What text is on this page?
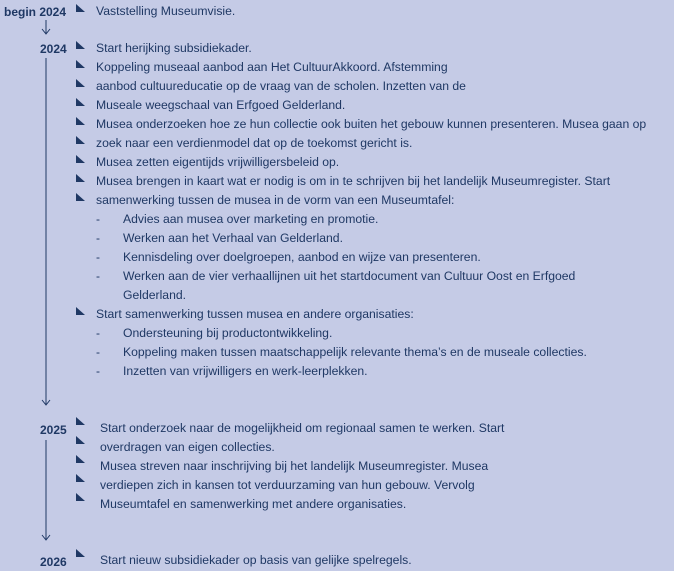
begin 2024
2024
2025
2026
Vaststelling Museumvisie.
Start herijking subsidiekader.
Koppeling museaal aanbod aan Het CultuurAkkoord. Afstemming
aanbod cultuureducatie op de vraag van de scholen. Inzetten van de
Museale weegschaal van Erfgoed Gelderland.
Musea onderzoeken hoe ze hun collectie ook buiten het gebouw kunnen presenteren. Musea gaan op
zoek naar een verdienmodel dat op de toekomst gericht is.
Musea zetten eigentijds vrijwilligersbeleid op.
Musea brengen in kaart wat er nodig is om in te schrijven bij het landelijk Museumregister. Start
samenwerking tussen de musea in de vorm van een Museumtafel:
- Advies aan musea over marketing en promotie.
- Werken aan het Verhaal van Gelderland.
- Kennisdeling over doelgroepen, aanbod en wijze van presenteren.
- Werken aan de vier verhaallijnen uit het startdocument van Cultuur Oost en Erfgoed
Gelderland.
Start samenwerking tussen musea en andere organisaties:
- Ondersteuning bij productontwikkeling.
- Koppeling maken tussen maatschappelijk relevante thema’s en de museale collecties.
- Inzetten van vrijwilligers en werk-leerplekken.
Start onderzoek naar de mogelijkheid om regionaal samen te werken. Start
overdragen van eigen collecties.
Musea streven naar inschrijving bij het landelijk Museumregister. Musea
verdiepen zich in kansen tot verduurzaming van hun gebouw. Vervolg
Museumtafel en samenwerking met andere organisaties.
Start nieuw subsidiekader op basis van gelijke spelregels.
